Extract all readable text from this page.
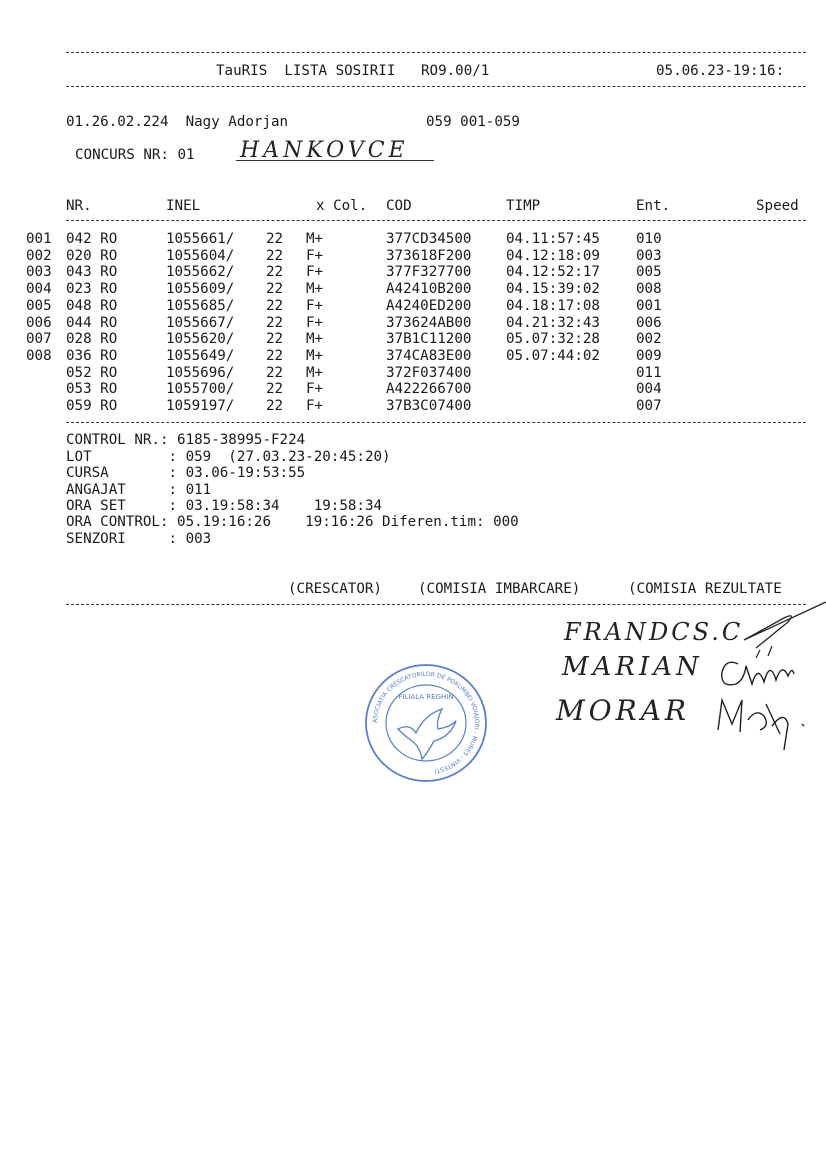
TauRIS  LISTA SOSIRII   RO9.00/1	05.06.23-19:16:
01.26.02.224  Nagy Adorjan	059 001-059
CONCURS NR: 01 HANKOVCE
NR.	INEL	x Col. COD	TIMP	Ent.	Speed
001 042 RO	1055661/ 22 M+	377CD34500 04.11:57:45	010
002 020 RO	1055604/ 22 F+	373618F200 04.12:18:09	003
003 043 RO	1055662/ 22 F+	377F327700 04.12:52:17	005
004 023 RO	1055609/ 22 M+	A42410B200 04.15:39:02	008
005 048 RO	1055685/ 22 F+	A4240ED200 04.18:17:08	001
006 044 RO	1055667/ 22 F+	373624AB00 04.21:32:43	006
007 028 RO	1055620/ 22 M+	37B1C11200 05.07:32:28	002
008 036 RO	1055649/ 22 M+	374CA83E00 05.07:44:02	009
052 RO	1055696/ 22 M+	372F037400	011
053 RO	1055700/ 22 F+	A422266700	004
059 RO	1059197/ 22 F+	37B3C07400	007
CONTROL NR.: 6185-38995-F224
LOT         : 059  (27.03.23-20:45:20)
CURSA       : 03.06-19:53:55
ANGAJAT     : 011
ORA SET     : 03.19:58:34    19:58:34
ORA CONTROL: 05.19:16:26    19:16:26 Diferen.tim: 000
SENZORI     : 003
(CRESCATOR)	(COMISIA IMBARCARE)	(COMISIA REZULTATE
FRANDCS.C
MARIAN
MORAR
ASOCIATIA CRESCATORILOR DE PORUMBEI VOIAJORI - MURES - VINTESTI
FILIALA REGHIN
